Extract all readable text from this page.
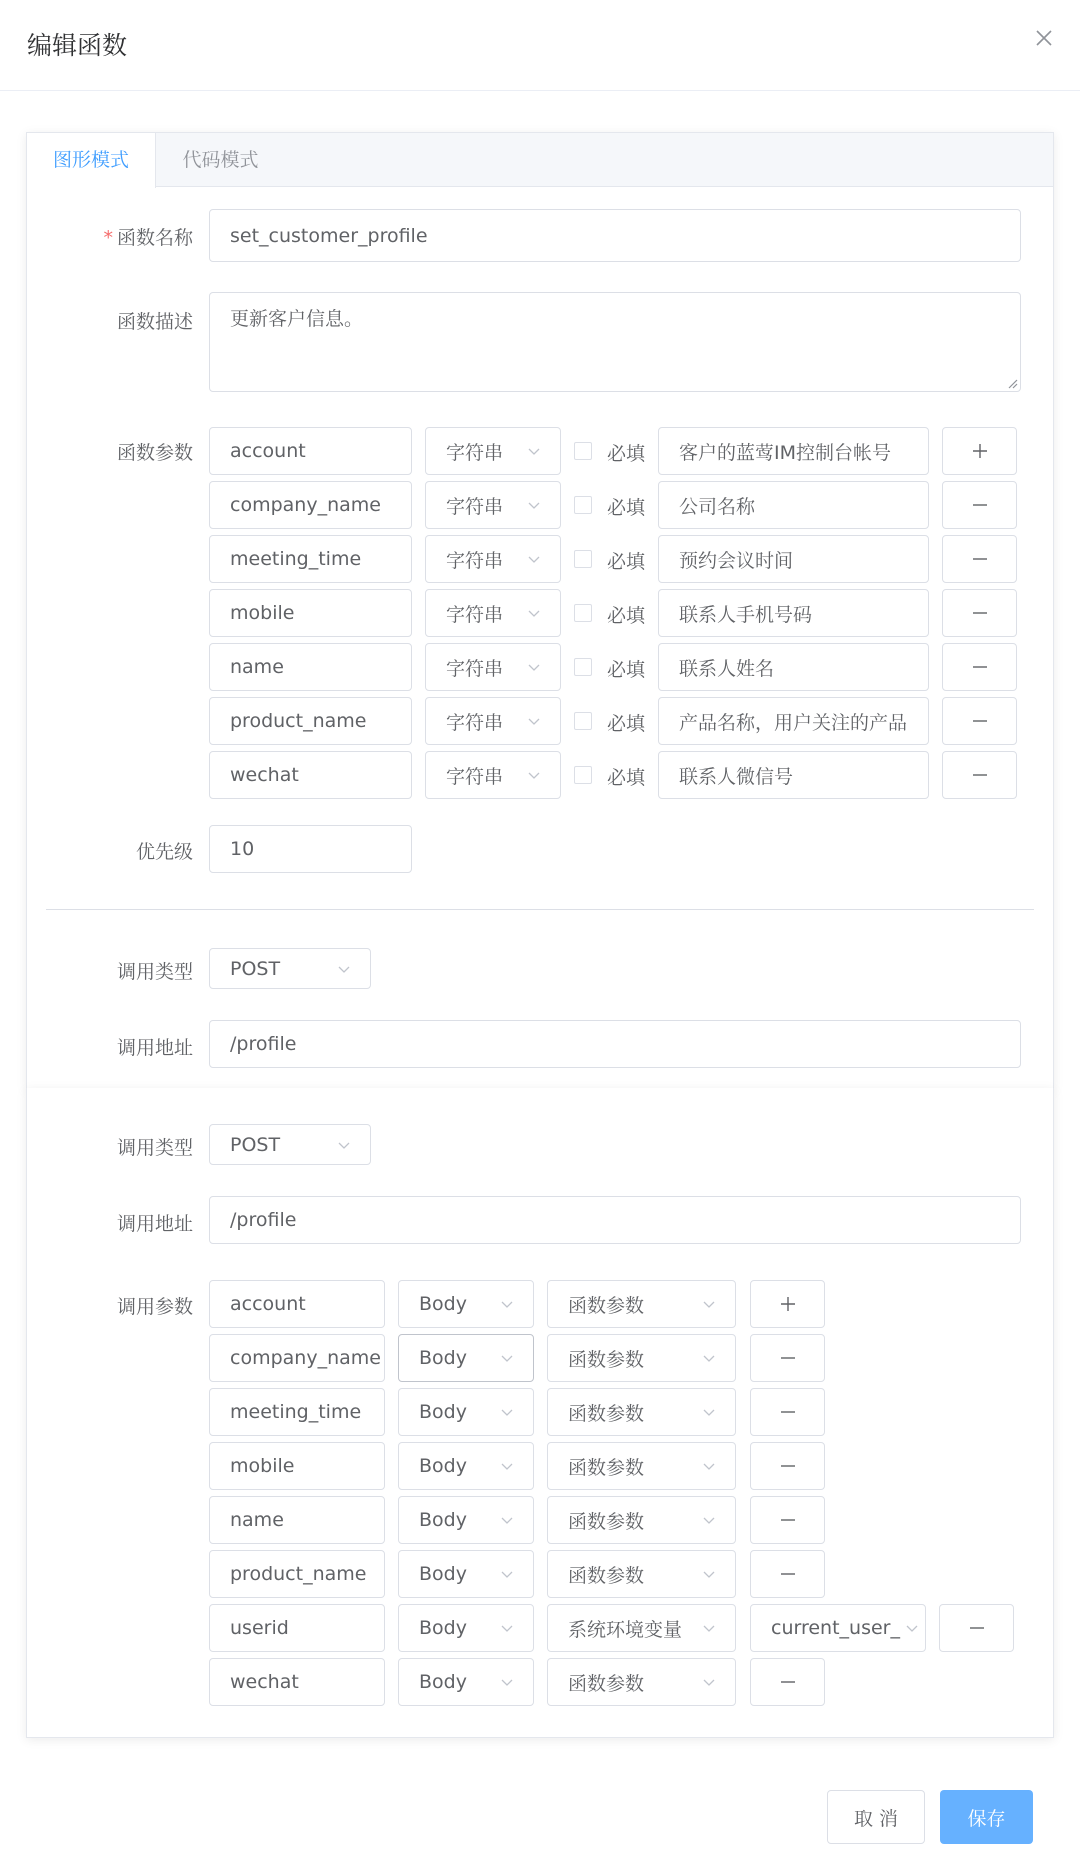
编辑函数
图形模式	代码模式
* 函数名称	set_customer_profile
函数描述 更新客户信息。
函数参数	account	字符串	必填	客户的蓝莺IM控制台帐号
company_name	字符串	必填	公司名称
meeting_time	字符串	必填	预约会议时间
mobile	字符串	必填	联系人手机号码
name	字符串	必填	联系人姓名
product_name	字符串	必填	产品名称，用户关注的产品
wechat	字符串	必填	联系人微信号
优先级	10
调用类型 POST
调用地址	/profile
调用类型 POST
调用地址	/profile
调用参数	account	Body	函数参数
company_name Body	函数参数
meeting_time	Body	函数参数
mobile	Body	函数参数
name	Body	函数参数
product_name	Body	函数参数
userid	Body	系统环境变量	current_user_
wechat	Body	函数参数
取 消	保存
